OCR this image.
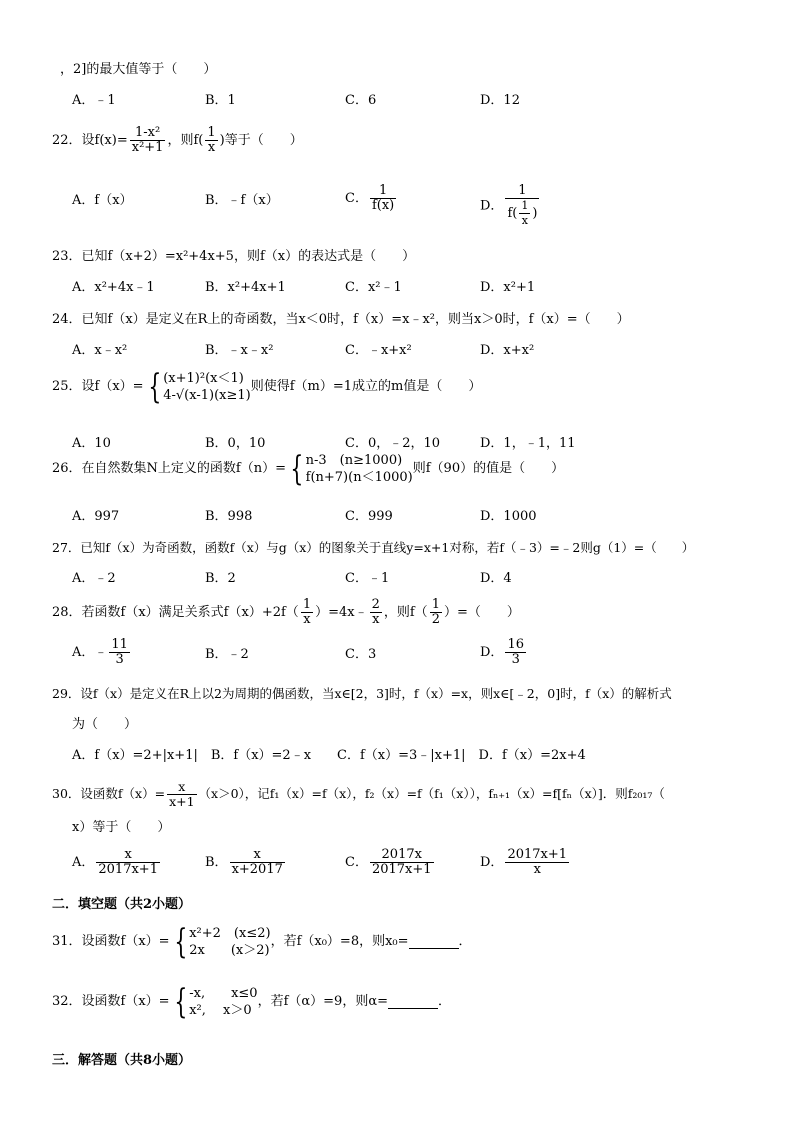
，2]的最大值等于（　　）
A．﹣1	B．1	C．6	D．12
22．设$f(x)= \frac{\text{1-x²}}{\text{x²+1}}$ ，则$f( \frac{1}{x}$ )等于（　　）
A．f（x）	B．﹣f（x）	C． $\frac{1}{f(x)}$	D． $\frac{1}{f( \frac{1}{x} )}$
23．已知f（x+2）=x²+4x+5，则f（x）的表达式是（　　）
A．x²+4x﹣1	B．x²+4x+1	C．x²﹣1	D．x²+1
24．已知f（x）是定义在R上的奇函数，当x＜0时，f（x）=x﹣x²，则当x＞0时，f（x）=（　　）
A．x﹣x²	B．﹣x﹣x²	C．﹣x+x²	D．x+x²
25．设f（x）= { (x+1)²(x＜1)
4-√(x-1)(x≥1)
则使得f（m）=1成立的m值是（　　）
A．10	B．0，10	C．0，﹣2，10	D．1，﹣1，11
26．在自然数集N上定义的函数f（n）= { n-3　(n≥1000)
f(n+7)(n＜1000)
则f（90）的值是（　　）
A．997	B．998	C．999	D．1000
27．已知f（x）为奇函数，函数f（x）与g（x）的图象关于直线y=x+1对称，若f（﹣3）=﹣2则g（1）=（　　）
A．﹣2	B．2	C．﹣1	D．4
28．若函数f（x）满足关系式$f(x)+2f( \frac{1}{x}$ ）=4x﹣ $\frac{2}{x}$ ，则$f( \frac{1}{2}$ ）=（　　）
A．﹣ $\frac{11}{3}$	B．﹣2	C．3	D． $\frac{16}{3}$
29．设f（x）是定义在R上以2为周期的偶函数，当x∈[2，3]时，f（x）=x，则x∈[﹣2，0]时，f（x）的解析式
为（　　）
A．f（x）=2+|x+1|　B．f（x）=2﹣x　　C．f（x）=3﹣|x+1|　D．f（x）=2x+4
30．设函数$f(x)= \frac{x}{x+1} (x>0)$，记f₁（x）=f（x），f₂（x）=f（f₁（x）），fₙ₊₁（x）=f[fₙ（x）]．则f₂₀₁₇（
x）等于（　　）
A． $\frac{x}{2017x+1}$	B． $\frac{x}{x+2017}$	C． $\frac{2017x}{2017x+1}$	D． $\frac{2017x+1}{x}$
二．填空题（共2小题）
31．设函数f（x）= { x²+2　(x≤2)
2x　　(x＞2)
，若f（x₀）=8，则x₀=	．
32．设函数f（x）= { -x,　　x≤0
x²,　 x＞0
，若f（α）=9，则α=	．
三．解答题（共8小题）
